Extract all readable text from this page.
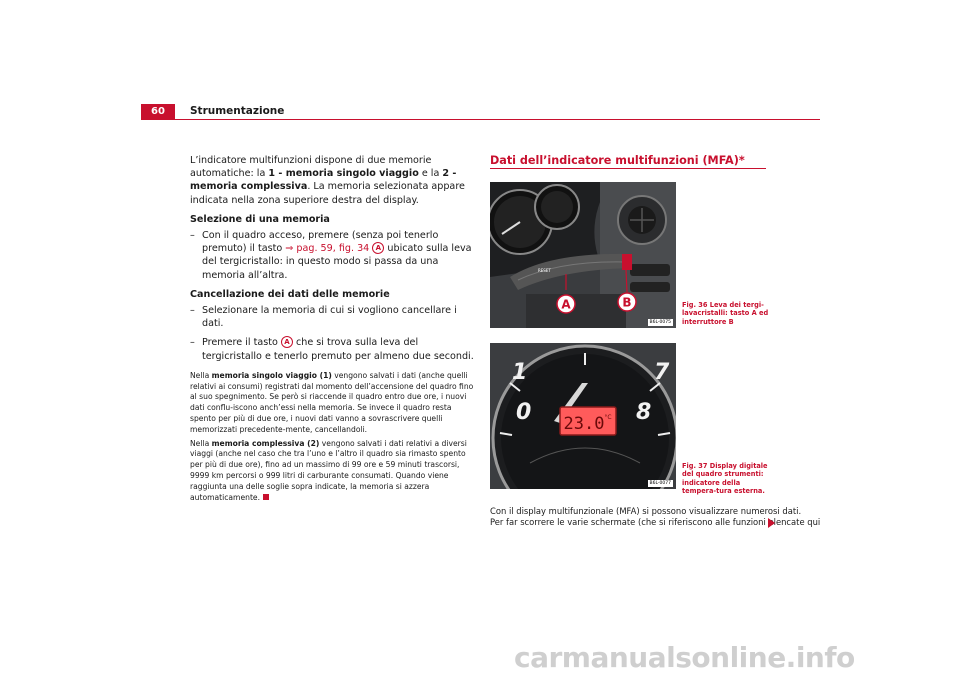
60	Strumentazione

L’indicatore multifunzioni dispone di due memorie automatiche: la 1 - memoria singolo viaggio e la 2 - memoria complessiva. La memoria selezionata appare indicata nella zona superiore destra del display.

Selezione di una memoria
– Con il quadro acceso, premere (senza poi tenerlo premuto) il tasto ⇒ pag. 59, fig. 34 A ubicato sulla leva del tergicristallo: in questo modo si passa da una memoria all’altra.
Cancellazione dei dati delle memorie
– Selezionare la memoria di cui si vogliono cancellare i dati.
– Premere il tasto A che si trova sulla leva del tergicristallo e tenerlo premuto per almeno due secondi.

Nella memoria singolo viaggio (1) vengono salvati i dati (anche quelli relativi ai consumi) registrati dal momento dell’accensione del quadro fino al suo spegnimento. Se però si riaccende il quadro entro due ore, i nuovi dati conflu-iscono anch’essi nella memoria. Se invece il quadro resta spento per più di due ore, i nuovi dati vanno a sovrascrivere quelli memorizzati precedente-mente, cancellandoli.

Nella memoria complessiva (2) vengono salvati i dati relativi a diversi viaggi (anche nel caso che tra l’uno e l’altro il quadro sia rimasto spento per più di due ore), fino ad un massimo di 99 ore e 59 minuti trascorsi, 9999 km percorsi o 999 litri di carburante consumati. Quando viene raggiunta una delle soglie sopra indicate, la memoria si azzera automaticamente.

Dati dell’indicatore multifunzioni (MFA)*
RESET
A	B
B6L-0075
Fig. 36 Leva dei tergi-lavacristalli: tasto A ed interruttore B
1	7
0	8
23.0 °C
B6L-0077
Fig. 37 Display digitale del quadro strumenti: indicatore della tempera-tura esterna.

Con il display multifunzionale (MFA) si possono visualizzare numerosi dati.

Per far scorrere le varie schermate (che si riferiscono alle funzioni elencate qui

carmanualsonline.info
